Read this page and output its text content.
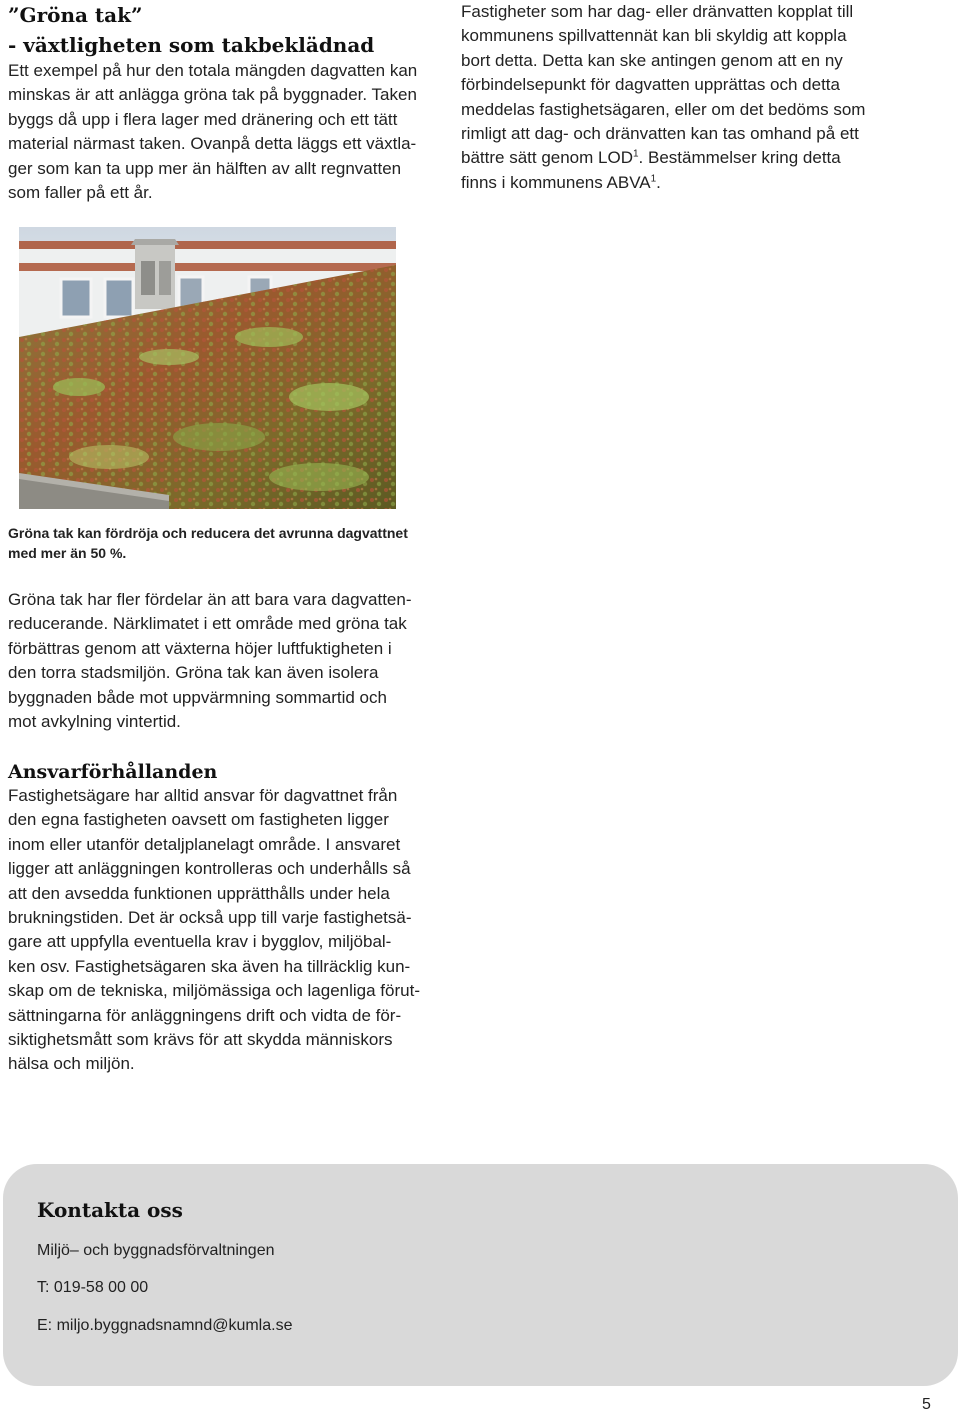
”Gröna tak”
- växtligheten som takbeklädnad
Ett exempel på hur den totala mängden dagvatten kan
minskas är att anlägga gröna tak på byggnader. Taken
byggs då upp i flera lager med dränering och ett tätt
material närmast taken. Ovanpå detta läggs ett växtla-
ger som kan ta upp mer än hälften av allt regnvatten
som faller på ett år.
Fastigheter som har dag- eller dränvatten kopplat till
kommunens spillvattennät kan bli skyldig att koppla
bort detta. Detta kan ske antingen genom att en ny
förbindelsepunkt för dagvatten upprättas och detta
meddelas fastighetsägaren, eller om det bedöms som
rimligt att dag- och dränvatten kan tas omhand på ett
bättre sätt genom LOD$^1$. Bestämmelser kring detta
finns i kommunens ABVA$^1$.
Gröna tak kan fördröja och reducera det avrunna dagvattnet
med mer än 50 %.
Gröna tak har fler fördelar än att bara vara dagvatten-
reducerande. Närklimatet i ett område med gröna tak
förbättras genom att växterna höjer luftfuktigheten i
den torra stadsmiljön. Gröna tak kan även isolera
byggnaden både mot uppvärmning sommartid och
mot avkylning vintertid.
Ansvarförhållanden
Fastighetsägare har alltid ansvar för dagvattnet från
den egna fastigheten oavsett om fastigheten ligger
inom eller utanför detaljplanelagt område. I ansvaret
ligger att anläggningen kontrolleras och underhålls så
att den avsedda funktionen upprätthålls under hela
brukningstiden. Det är också upp till varje fastighetsä-
gare att uppfylla eventuella krav i bygglov, miljöbal-
ken osv. Fastighetsägaren ska även ha tillräcklig kun-
skap om de tekniska, miljömässiga och lagenliga förut-
sättningarna för anläggningens drift och vidta de för-
siktighetsmått som krävs för att skydda människors
hälsa och miljön.
Kontakta oss
Miljö– och byggnadsförvaltningen
T: 019-58 00 00
E: miljo.byggnadsnamnd@kumla.se
5
